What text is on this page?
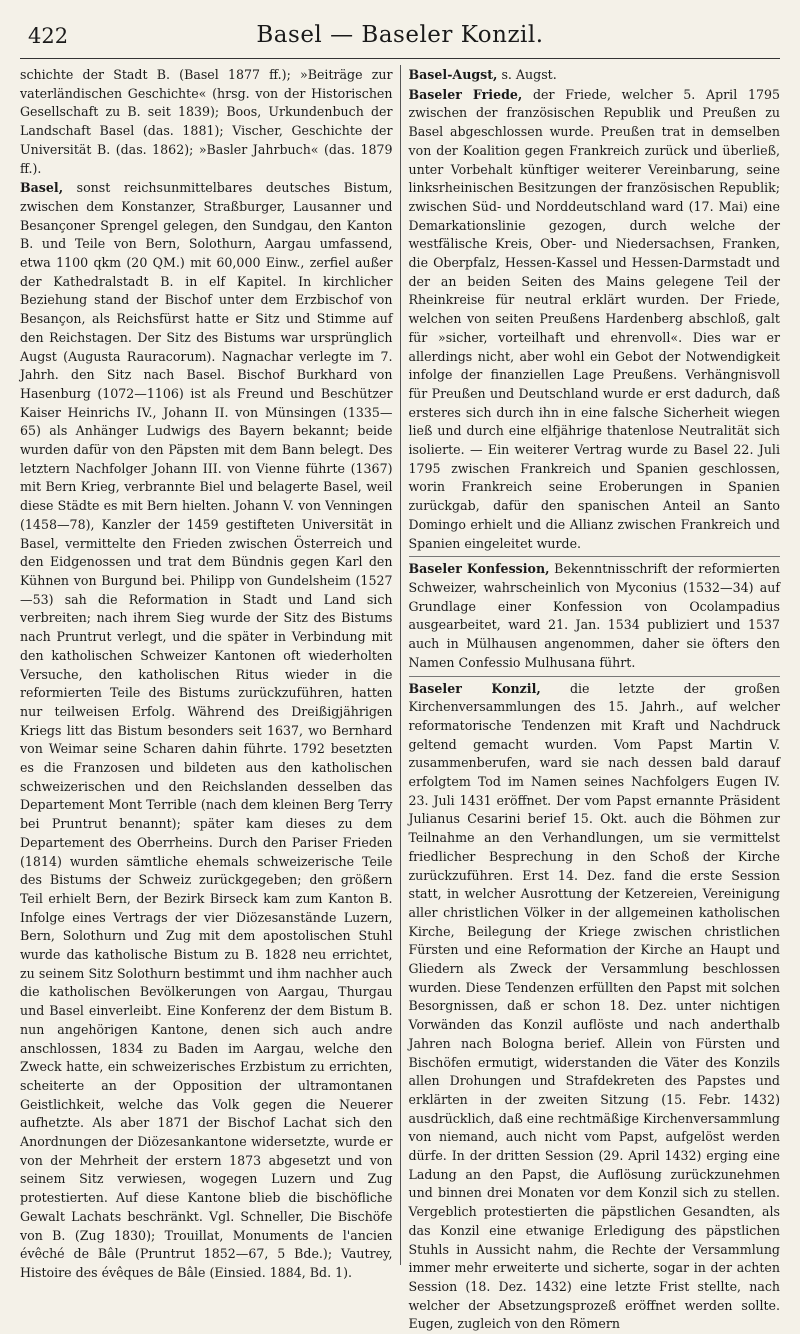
422	Basel — Baseler Konzil.

schichte der Stadt B. (Basel 1877 ff.); »Beiträge zur vaterländischen Geschichte« (hrsg. von der Historischen Gesellschaft zu B. seit 1839); Boos, Urkundenbuch der Landschaft Basel (das. 1881); Vischer, Geschichte der Universität B. (das. 1862); »Basler Jahrbuch« (das. 1879 ff.).

Basel, sonst reichsunmittelbares deutsches Bistum, zwischen dem Konstanzer, Straßburger, Lausanner und Besançoner Sprengel gelegen, den Sundgau, den Kanton B. und Teile von Bern, Solothurn, Aargau umfassend, etwa 1100 qkm (20 QM.) mit 60,000 Einw., zerfiel außer der Kathedralstadt B. in elf Kapitel. In kirchlicher Beziehung stand der Bischof unter dem Erzbischof von Besançon, als Reichsfürst hatte er Sitz und Stimme auf den Reichstagen. Der Sitz des Bistums war ursprünglich Augst (Augusta Rauracorum). Nagnachar verlegte im 7. Jahrh. den Sitz nach Basel. Bischof Burkhard von Hasenburg (1072—1106) ist als Freund und Beschützer Kaiser Heinrichs IV., Johann II. von Münsingen (1335—65) als Anhänger Ludwigs des Bayern bekannt; beide wurden dafür von den Päpsten mit dem Bann belegt. Des letztern Nachfolger Johann III. von Vienne führte (1367) mit Bern Krieg, verbrannte Biel und belagerte Basel, weil diese Städte es mit Bern hielten. Johann V. von Venningen (1458—78), Kanzler der 1459 gestifteten Universität in Basel, vermittelte den Frieden zwischen Österreich und den Eidgenossen und trat dem Bündnis gegen Karl den Kühnen von Burgund bei. Philipp von Gundelsheim (1527—53) sah die Reformation in Stadt und Land sich verbreiten; nach ihrem Sieg wurde der Sitz des Bistums nach Pruntrut verlegt, und die später in Verbindung mit den katholischen Schweizer Kantonen oft wiederholten Versuche, den katholischen Ritus wieder in die reformierten Teile des Bistums zurückzuführen, hatten nur teilweisen Erfolg. Während des Dreißigjährigen Kriegs litt das Bistum besonders seit 1637, wo Bernhard von Weimar seine Scharen dahin führte. 1792 besetzten es die Franzosen und bildeten aus den katholischen schweizerischen und den Reichslanden desselben das Departement Mont Terrible (nach dem kleinen Berg Terry bei Pruntrut benannt); später kam dieses zu dem Departement des Oberrheins. Durch den Pariser Frieden (1814) wurden sämtliche ehemals schweizerische Teile des Bistums der Schweiz zurückgegeben; den größern Teil erhielt Bern, der Bezirk Birseck kam zum Kanton B. Infolge eines Vertrags der vier Diözesanstände Luzern, Bern, Solothurn und Zug mit dem apostolischen Stuhl wurde das katholische Bistum zu B. 1828 neu errichtet, zu seinem Sitz Solothurn bestimmt und ihm nachher auch die katholischen Bevölkerungen von Aargau, Thurgau und Basel einverleibt. Eine Konferenz der dem Bistum B. nun angehörigen Kantone, denen sich auch andre anschlossen, 1834 zu Baden im Aargau, welche den Zweck hatte, ein schweizerisches Erzbistum zu errichten, scheiterte an der Opposition der ultramontanen Geistlichkeit, welche das Volk gegen die Neuerer aufhetzte. Als aber 1871 der Bischof Lachat sich den Anordnungen der Diözesankantone widersetzte, wurde er von der Mehrheit der erstern 1873 abgesetzt und von seinem Sitz verwiesen, wogegen Luzern und Zug protestierten. Auf diese Kantone blieb die bischöfliche Gewalt Lachats beschränkt. Vgl. Schneller, Die Bischöfe von B. (Zug 1830); Trouillat, Monuments de l'ancien évêché de Bâle (Pruntrut 1852—67, 5 Bde.); Vautrey, Histoire des évêques de Bâle (Einsied. 1884, Bd. 1).

Basel-Augst, s. Augst.

Baseler Friede, der Friede, welcher 5. April 1795 zwischen der französischen Republik und Preußen zu Basel abgeschlossen wurde. Preußen trat in demselben von der Koalition gegen Frankreich zurück und überließ, unter Vorbehalt künftiger weiterer Vereinbarung, seine linksrheinischen Besitzungen der französischen Republik; zwischen Süd- und Norddeutschland ward (17. Mai) eine Demarkationslinie gezogen, durch welche der westfälische Kreis, Ober- und Niedersachsen, Franken, die Oberpfalz, Hessen-Kassel und Hessen-Darmstadt und der an beiden Seiten des Mains gelegene Teil der Rheinkreise für neutral erklärt wurden. Der Friede, welchen von seiten Preußens Hardenberg abschloß, galt für »sicher, vorteilhaft und ehrenvoll«. Dies war er allerdings nicht, aber wohl ein Gebot der Notwendigkeit infolge der finanziellen Lage Preußens. Verhängnisvoll für Preußen und Deutschland wurde er erst dadurch, daß ersteres sich durch ihn in eine falsche Sicherheit wiegen ließ und durch eine elfjährige thatenlose Neutralität sich isolierte. — Ein weiterer Vertrag wurde zu Basel 22. Juli 1795 zwischen Frankreich und Spanien geschlossen, worin Frankreich seine Eroberungen in Spanien zurückgab, dafür den spanischen Anteil an Santo Domingo erhielt und die Allianz zwischen Frankreich und Spanien eingeleitet wurde.

Baseler Konfession, Bekenntnisschrift der reformierten Schweizer, wahrscheinlich von Myconius (1532—34) auf Grundlage einer Konfession von Ocolampadius ausgearbeitet, ward 21. Jan. 1534 publiziert und 1537 auch in Mülhausen angenommen, daher sie öfters den Namen Confessio Mulhusana führt.

Baseler Konzil, die letzte der großen Kirchenversammlungen des 15. Jahrh., auf welcher reformatorische Tendenzen mit Kraft und Nachdruck geltend gemacht wurden. Vom Papst Martin V. zusammenberufen, ward sie nach dessen bald darauf erfolgtem Tod im Namen seines Nachfolgers Eugen IV. 23. Juli 1431 eröffnet. Der vom Papst ernannte Präsident Julianus Cesarini berief 15. Okt. auch die Böhmen zur Teilnahme an den Verhandlungen, um sie vermittelst friedlicher Besprechung in den Schoß der Kirche zurückzuführen. Erst 14. Dez. fand die erste Session statt, in welcher Ausrottung der Ketzereien, Vereinigung aller christlichen Völker in der allgemeinen katholischen Kirche, Beilegung der Kriege zwischen christlichen Fürsten und eine Reformation der Kirche an Haupt und Gliedern als Zweck der Versammlung beschlossen wurden. Diese Tendenzen erfüllten den Papst mit solchen Besorgnissen, daß er schon 18. Dez. unter nichtigen Vorwänden das Konzil auflöste und nach anderthalb Jahren nach Bologna berief. Allein von Fürsten und Bischöfen ermutigt, widerstanden die Väter des Konzils allen Drohungen und Strafdekreten des Papstes und erklärten in der zweiten Sitzung (15. Febr. 1432) ausdrücklich, daß eine rechtmäßige Kirchenversammlung von niemand, auch nicht vom Papst, aufgelöst werden dürfe. In der dritten Session (29. April 1432) erging eine Ladung an den Papst, die Auflösung zurückzunehmen und binnen drei Monaten vor dem Konzil sich zu stellen. Vergeblich protestierten die päpstlichen Gesandten, als das Konzil eine etwanige Erledigung des päpstlichen Stuhls in Aussicht nahm, die Rechte der Versammlung immer mehr erweiterte und sicherte, sogar in der achten Session (18. Dez. 1432) eine letzte Frist stellte, nach welcher der Absetzungsprozeß eröffnet werden sollte. Eugen, zugleich von den Römern
